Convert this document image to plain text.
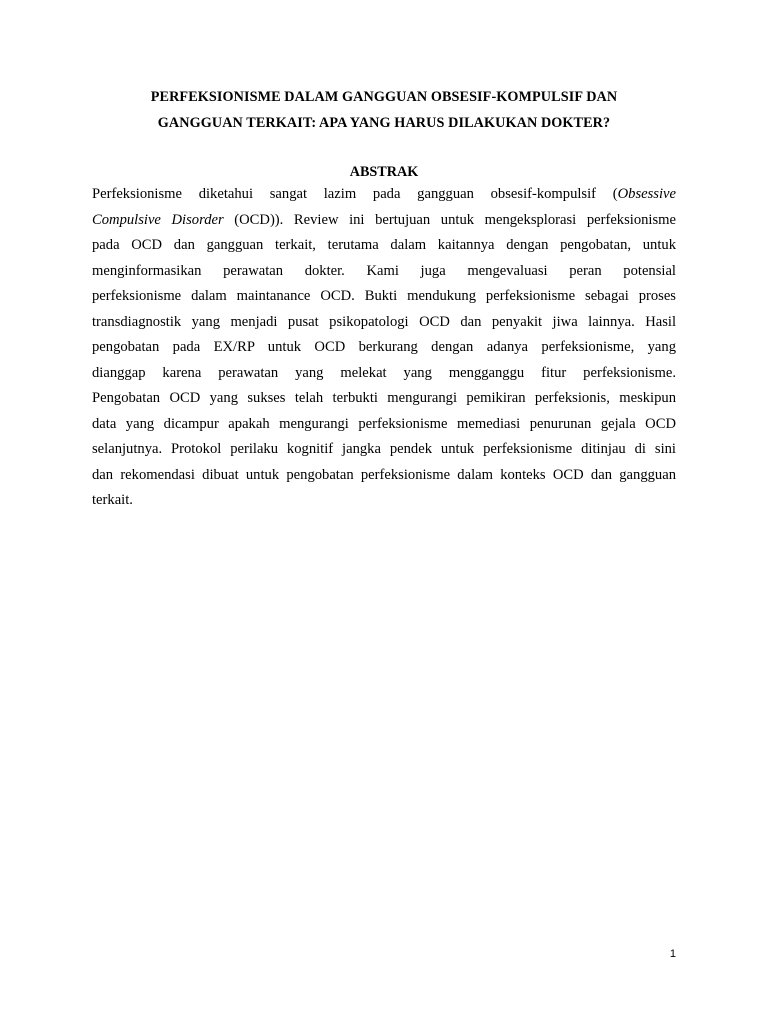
PERFEKSIONISME DALAM GANGGUAN OBSESIF-KOMPULSIF DAN
GANGGUAN TERKAIT: APA YANG HARUS DILAKUKAN DOKTER?
ABSTRAK
Perfeksionisme diketahui sangat lazim pada gangguan obsesif-kompulsif (Obsessive
Compulsive Disorder (OCD)). Review ini bertujuan untuk mengeksplorasi perfeksionisme
pada OCD dan gangguan terkait, terutama dalam kaitannya dengan pengobatan, untuk
menginformasikan perawatan dokter. Kami juga mengevaluasi peran potensial
perfeksionisme dalam maintanance OCD. Bukti mendukung perfeksionisme sebagai proses
transdiagnostik yang menjadi pusat psikopatologi OCD dan penyakit jiwa lainnya. Hasil
pengobatan pada EX/RP untuk OCD berkurang dengan adanya perfeksionisme, yang
dianggap karena perawatan yang melekat yang mengganggu fitur perfeksionisme.
Pengobatan OCD yang sukses telah terbukti mengurangi pemikiran perfeksionis, meskipun
data yang dicampur apakah mengurangi perfeksionisme memediasi penurunan gejala OCD
selanjutnya. Protokol perilaku kognitif jangka pendek untuk perfeksionisme ditinjau di sini
dan rekomendasi dibuat untuk pengobatan perfeksionisme dalam konteks OCD dan gangguan
terkait.
1
